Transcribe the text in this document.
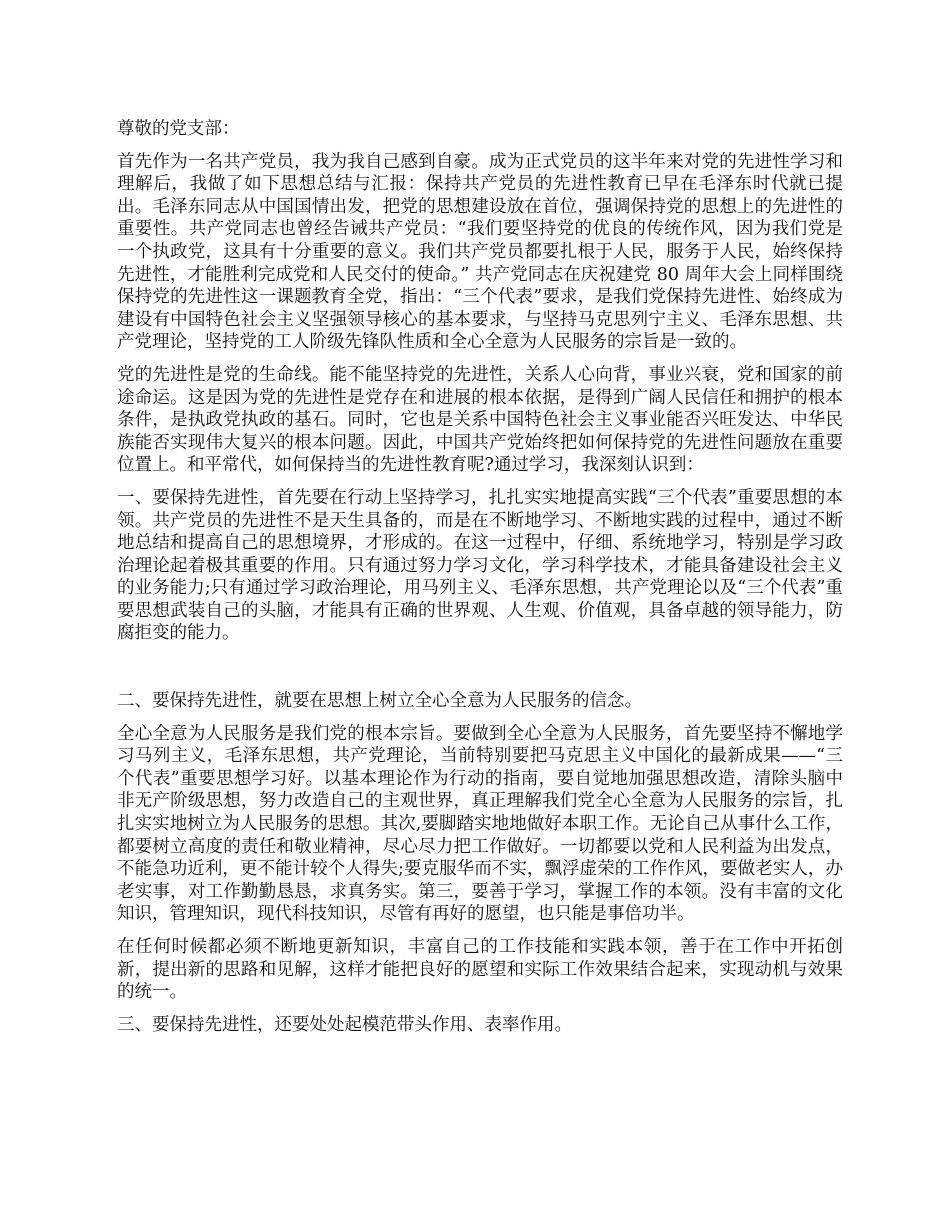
尊敬的党支部：

首先作为一名共产党员，我为我自己感到自豪。成为正式党员的这半年来对党的先进性学习和理解后，我做了如下思想总结与汇报：保持共产党员的先进性教育已早在毛泽东时代就已提出。毛泽东同志从中国国情出发，把党的思想建设放在首位，强调保持党的思想上的先进性的重要性。共产党同志也曾经告诫共产党员：“我们要坚持党的优良的传统作风，因为我们党是一个执政党，这具有十分重要的意义。我们共产党员都要扎根于人民，服务于人民，始终保持先进性，才能胜利完成党和人民交付的使命。” 共产党同志在庆祝建党 80 周年大会上同样围绕保持党的先进性这一课题教育全党，指出：“三个代表”要求，是我们党保持先进性、始终成为建设有中国特色社会主义坚强领导核心的基本要求，与坚持马克思列宁主义、毛泽东思想、共产党理论，坚持党的工人阶级先锋队性质和全心全意为人民服务的宗旨是一致的。

党的先进性是党的生命线。能不能坚持党的先进性，关系人心向背，事业兴衰，党和国家的前途命运。这是因为党的先进性是党存在和进展的根本依据，是得到广阔人民信任和拥护的根本条件，是执政党执政的基石。同时，它也是关系中国特色社会主义事业能否兴旺发达、中华民族能否实现伟大复兴的根本问题。因此，中国共产党始终把如何保持党的先进性问题放在重要位置上。和平常代，如何保持当的先进性教育呢?通过学习，我深刻认识到：

一、要保持先进性，首先要在行动上坚持学习，扎扎实实地提高实践“三个代表”重要思想的本领。共产党员的先进性不是天生具备的，而是在不断地学习、不断地实践的过程中，通过不断地总结和提高自己的思想境界，才形成的。在这一过程中，仔细、系统地学习，特别是学习政治理论起着极其重要的作用。只有通过努力学习文化，学习科学技术，才能具备建设社会主义的业务能力;只有通过学习政治理论，用马列主义、毛泽东思想，共产党理论以及“三个代表”重要思想武装自己的头脑，才能具有正确的世界观、人生观、价值观，具备卓越的领导能力，防腐拒变的能力。

二、要保持先进性，就要在思想上树立全心全意为人民服务的信念。

全心全意为人民服务是我们党的根本宗旨。要做到全心全意为人民服务，首先要坚持不懈地学习马列主义，毛泽东思想，共产党理论，当前特别要把马克思主义中国化的最新成果——“三个代表”重要思想学习好。以基本理论作为行动的指南，要自觉地加强思想改造，清除头脑中非无产阶级思想，努力改造自己的主观世界，真正理解我们党全心全意为人民服务的宗旨，扎扎实实地树立为人民服务的思想。其次,要脚踏实地地做好本职工作。无论自己从事什么工作，都要树立高度的责任和敬业精神，尽心尽力把工作做好。一切都要以党和人民利益为出发点，不能急功近利，更不能计较个人得失;要克服华而不实，飘浮虚荣的工作作风，要做老实人，办老实事，对工作勤勤恳恳，求真务实。第三，要善于学习，掌握工作的本领。没有丰富的文化知识，管理知识，现代科技知识，尽管有再好的愿望，也只能是事倍功半。

在任何时候都必须不断地更新知识，丰富自己的工作技能和实践本领，善于在工作中开拓创新，提出新的思路和见解，这样才能把良好的愿望和实际工作效果结合起来，实现动机与效果的统一。

三、要保持先进性，还要处处起模范带头作用、表率作用。
